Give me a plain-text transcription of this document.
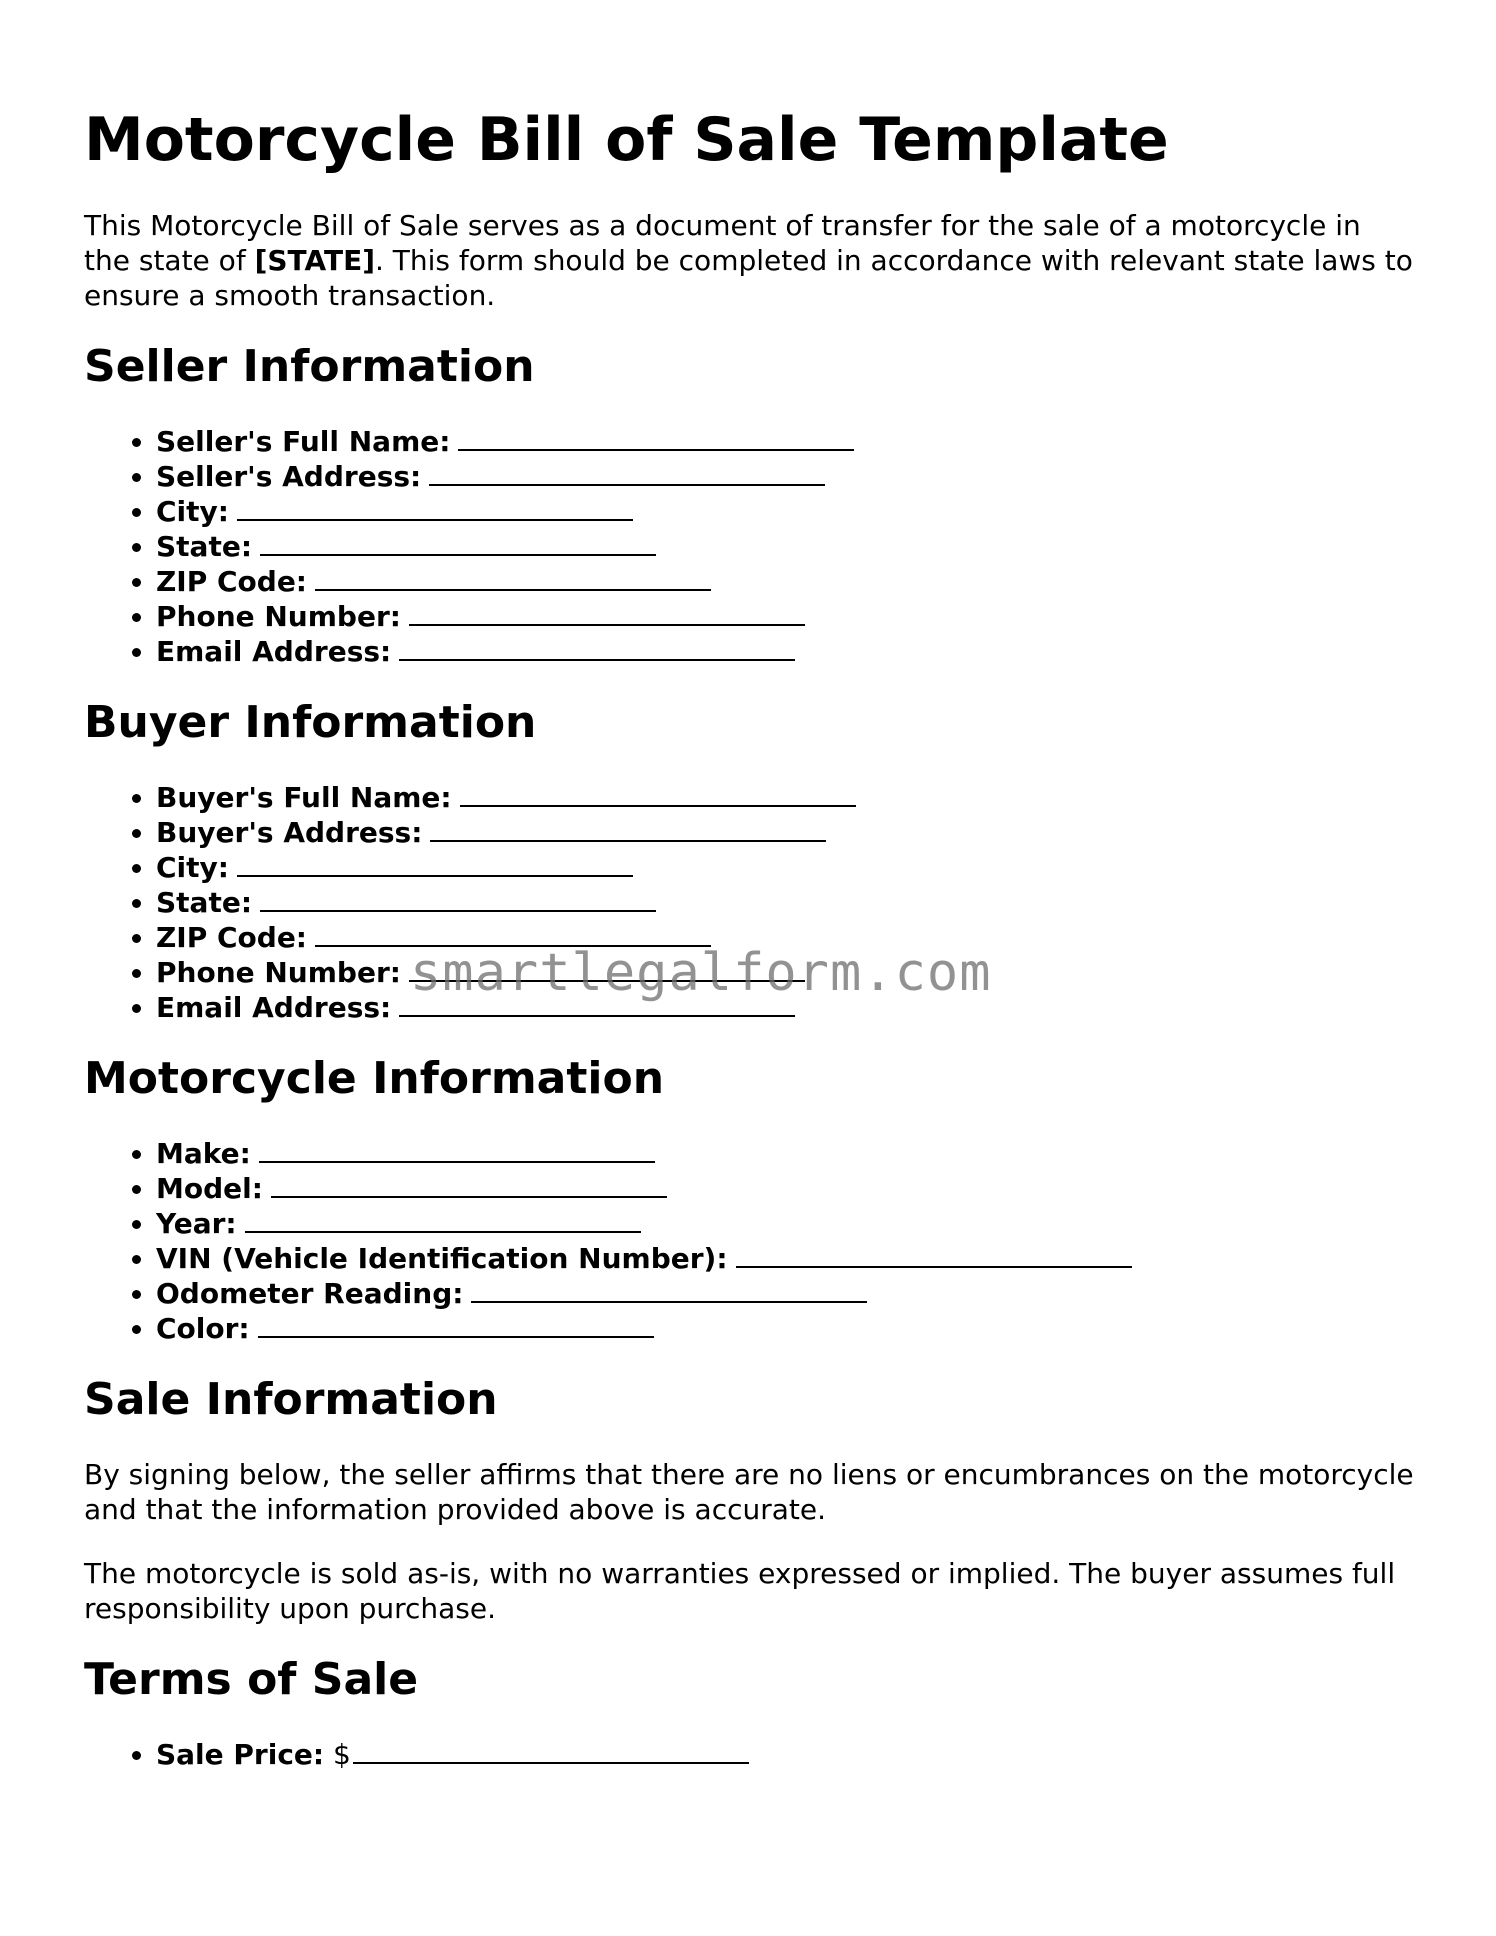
Motorcycle Bill of Sale Template

This Motorcycle Bill of Sale serves as a document of transfer for the sale of a motorcycle in the state of [STATE]. This form should be completed in accordance with relevant state laws to ensure a smooth transaction.

Seller Information
• Seller's Full Name:
• Seller's Address:
• City:
• State:
• ZIP Code:
• Phone Number:
• Email Address:
Buyer Information
• Buyer's Full Name:
• Buyer's Address:
• City:
• State:
• ZIP Code:
• Phone Number:
• Email Address:
Motorcycle Information
• Make:
• Model:
• Year:
• VIN (Vehicle Identification Number):
• Odometer Reading:
• Color:
Sale Information

By signing below, the seller affirms that there are no liens or encumbrances on the motorcycle and that the information provided above is accurate.

The motorcycle is sold as-is, with no warranties expressed or implied. The buyer assumes full responsibility upon purchase.

Terms of Sale
• Sale Price: $
smartlegalform.com
